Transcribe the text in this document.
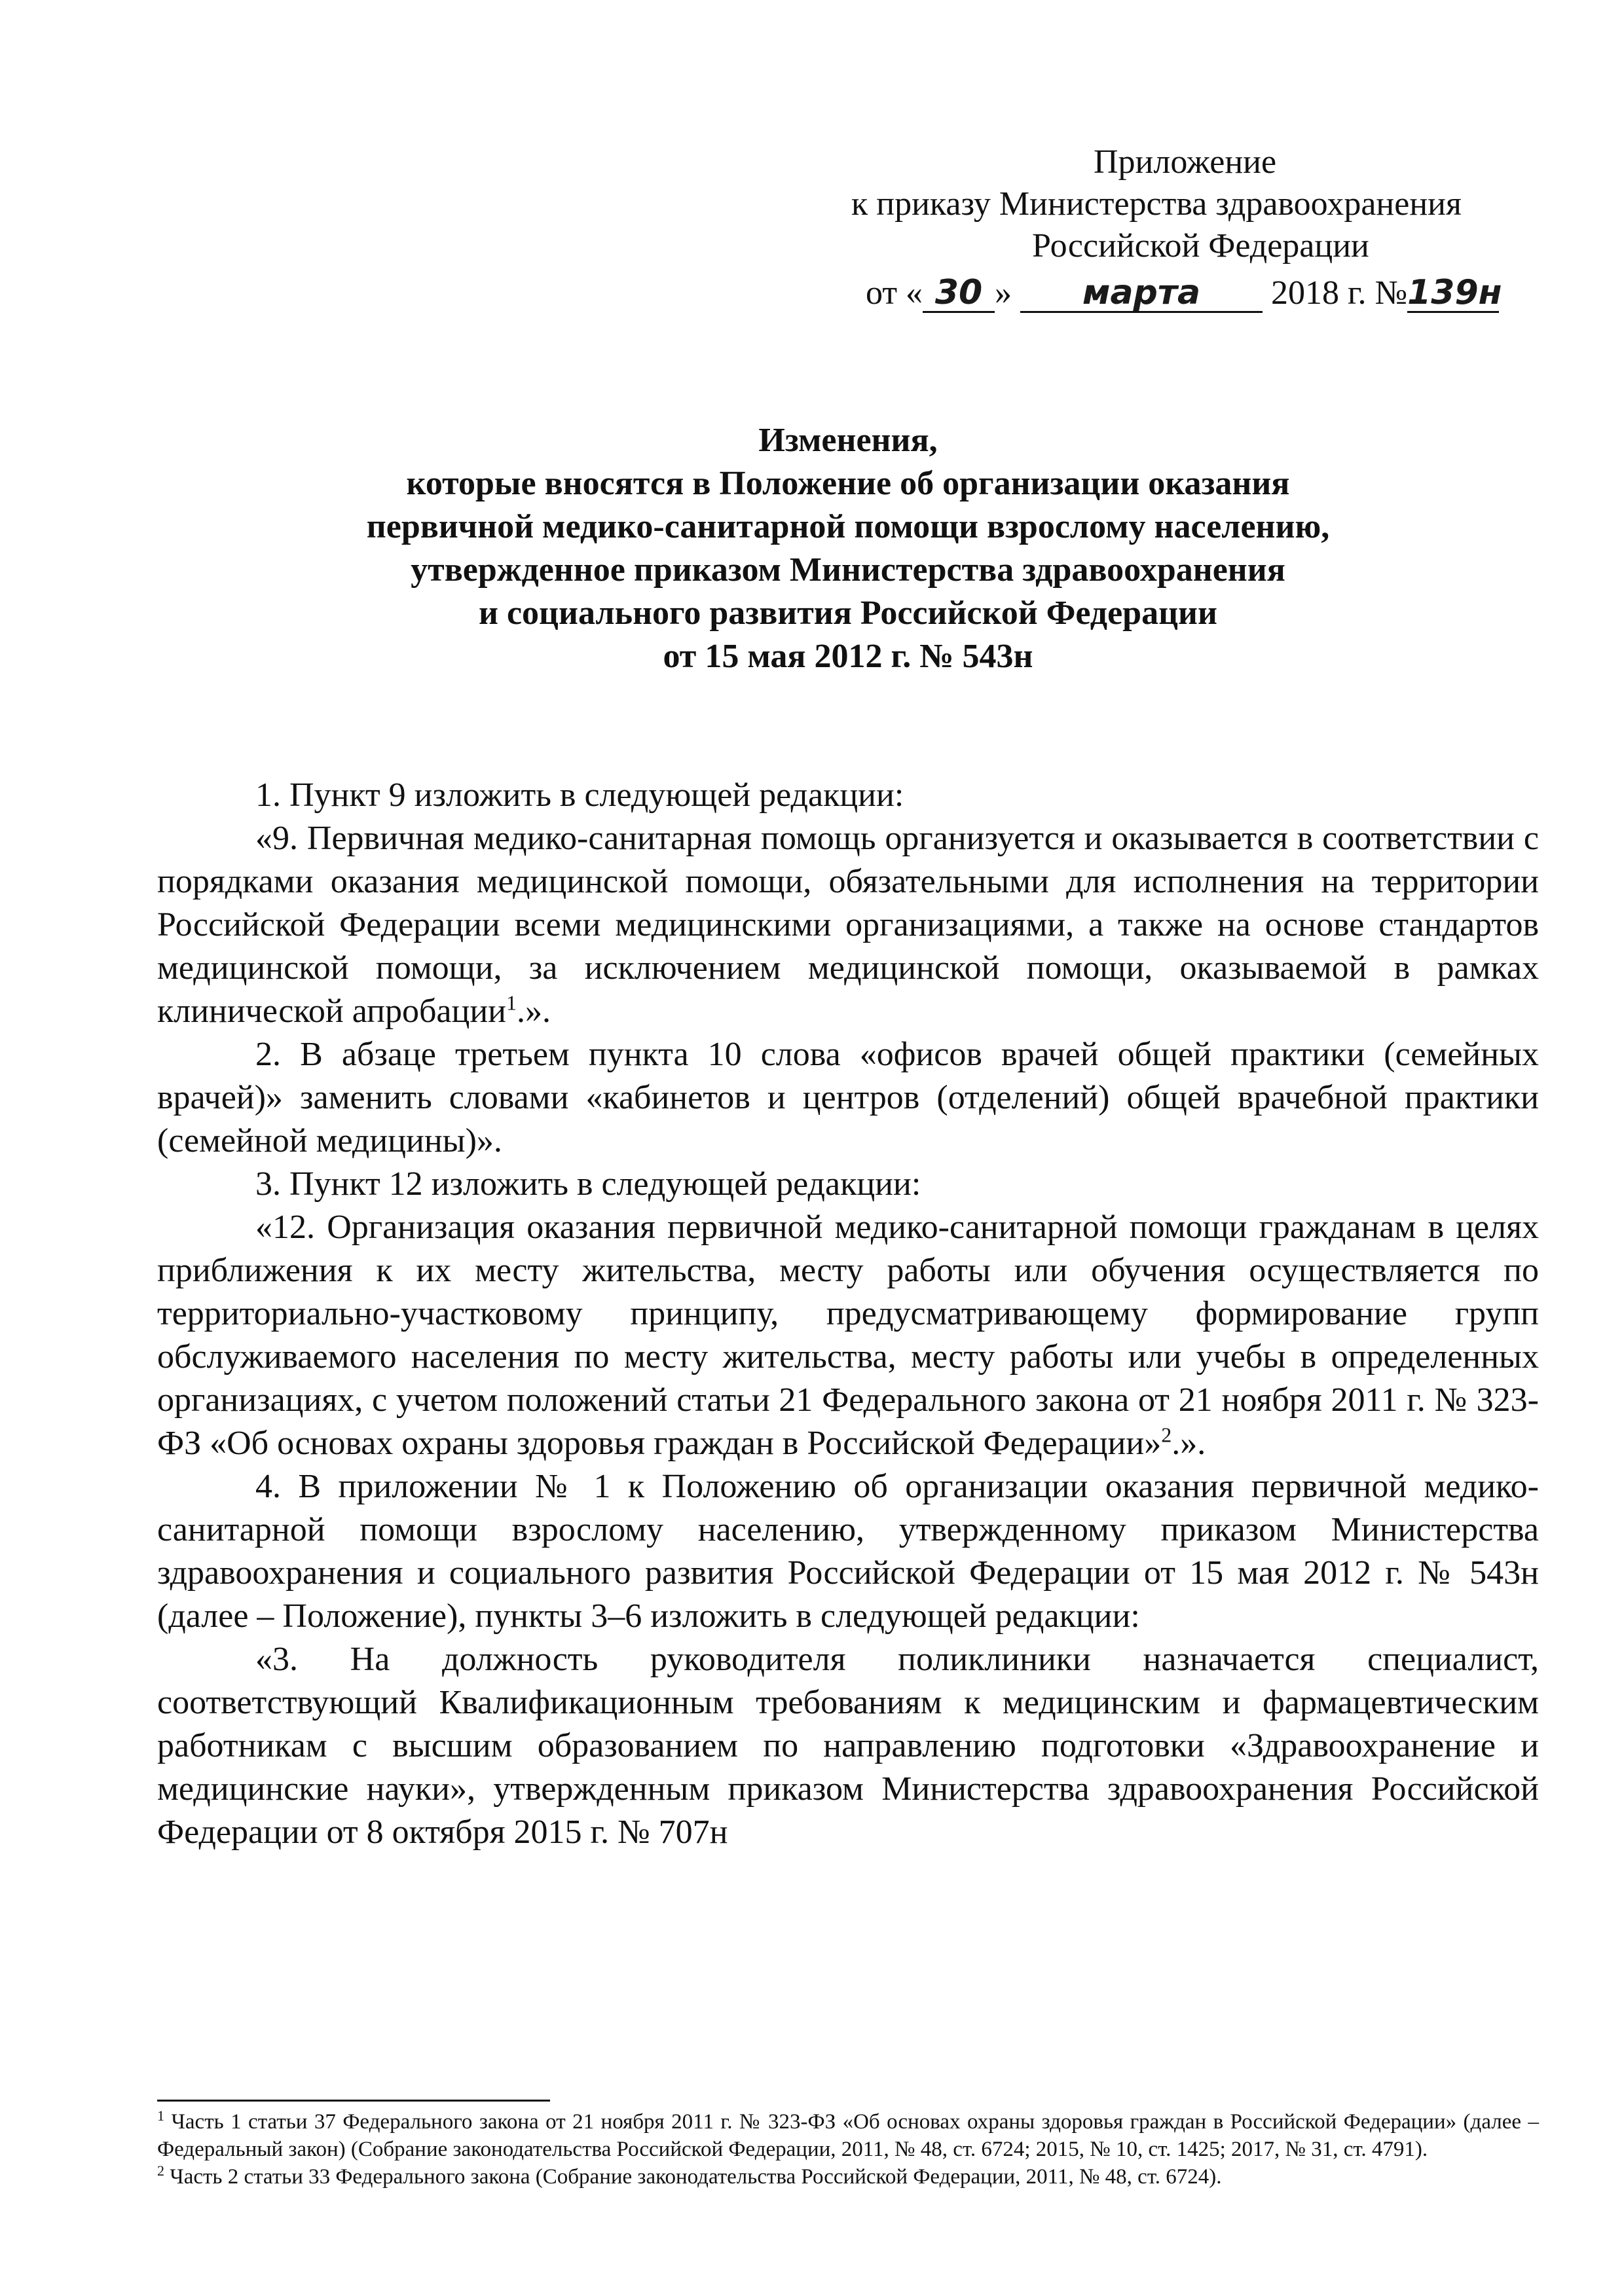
Приложение
к приказу Министерства здравоохранения
Российской Федерации
от « 30 » марта 2018 г. №139н
Изменения,
которые вносятся в Положение об организации оказания
первичной медико-санитарной помощи взрослому населению,
утвержденное приказом Министерства здравоохранения
и социального развития Российской Федерации
от 15 мая 2012 г. № 543н

1. Пункт 9 изложить в следующей редакции:

«9. Первичная медико-санитарная помощь организуется и оказывается в соответствии с порядками оказания медицинской помощи, обязательными для исполнения на территории Российской Федерации всеми медицинскими организациями, а также на основе стандартов медицинской помощи, за исключением медицинской помощи, оказываемой в рамках клинической апробации$^1$.».

2. В абзаце третьем пункта 10 слова «офисов врачей общей практики (семейных врачей)» заменить словами «кабинетов и центров (отделений) общей врачебной практики (семейной медицины)».

3. Пункт 12 изложить в следующей редакции:

«12. Организация оказания первичной медико-санитарной помощи гражданам в целях приближения к их месту жительства, месту работы или обучения осуществляется по территориально-участковому принципу, предусматривающему формирование групп обслуживаемого населения по месту жительства, месту работы или учебы в определенных организациях, с учетом положений статьи 21 Федерального закона от 21 ноября 2011 г. № 323-ФЗ «Об основах охраны здоровья граждан в Российской Федерации»$^2$.».

4. В приложении № 1 к Положению об организации оказания первичной медико-санитарной помощи взрослому населению, утвержденному приказом Министерства здравоохранения и социального развития Российской Федерации от 15 мая 2012 г. № 543н (далее – Положение), пункты 3–6 изложить в следующей редакции:

«3. На должность руководителя поликлиники назначается специалист, соответствующий Квалификационным требованиям к медицинским и фармацевтическим работникам с высшим образованием по направлению подготовки «Здравоохранение и медицинские науки», утвержденным приказом Министерства здравоохранения Российской Федерации от 8 октября 2015 г. № 707н

$^1$ Часть 1 статьи 37 Федерального закона от 21 ноября 2011 г. № 323-ФЗ «Об основах охраны здоровья граждан в Российской Федерации» (далее – Федеральный закон) (Собрание законодательства Российской Федерации, 2011, № 48, ст. 6724; 2015, № 10, ст. 1425; 2017, № 31, ст. 4791).

$^2$ Часть 2 статьи 33 Федерального закона (Собрание законодательства Российской Федерации, 2011, № 48, ст. 6724).
